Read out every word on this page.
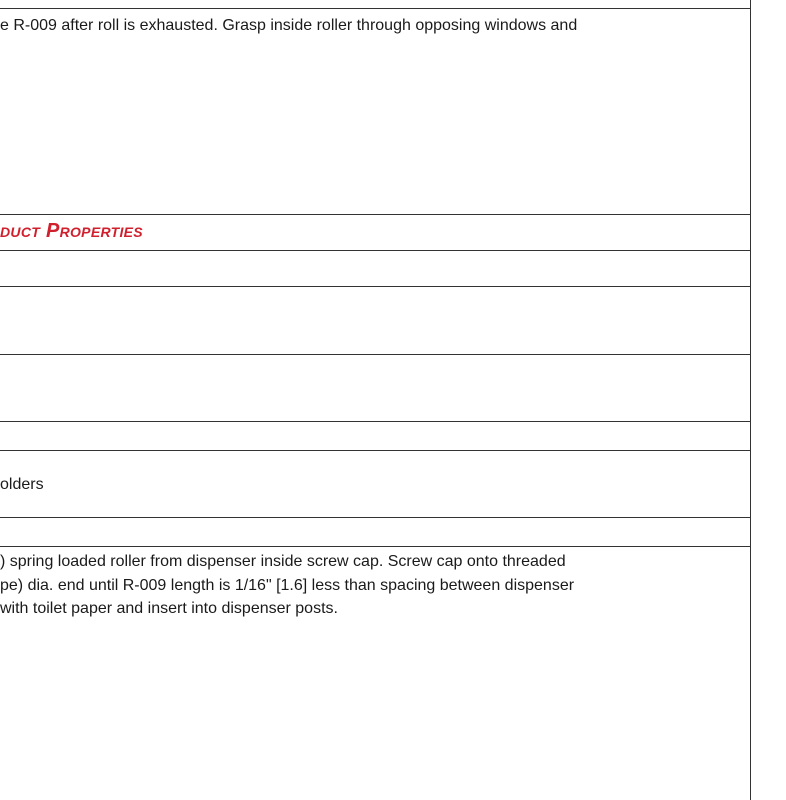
e R-009 after roll is exhausted. Grasp inside roller through opposing windows and
duct Properties
olders
) spring loaded roller from dispenser inside screw cap. Screw cap onto threaded
pe) dia. end until R-009 length is 1/16" [1.6] less than spacing between dispenser
with toilet paper and insert into dispenser posts.
